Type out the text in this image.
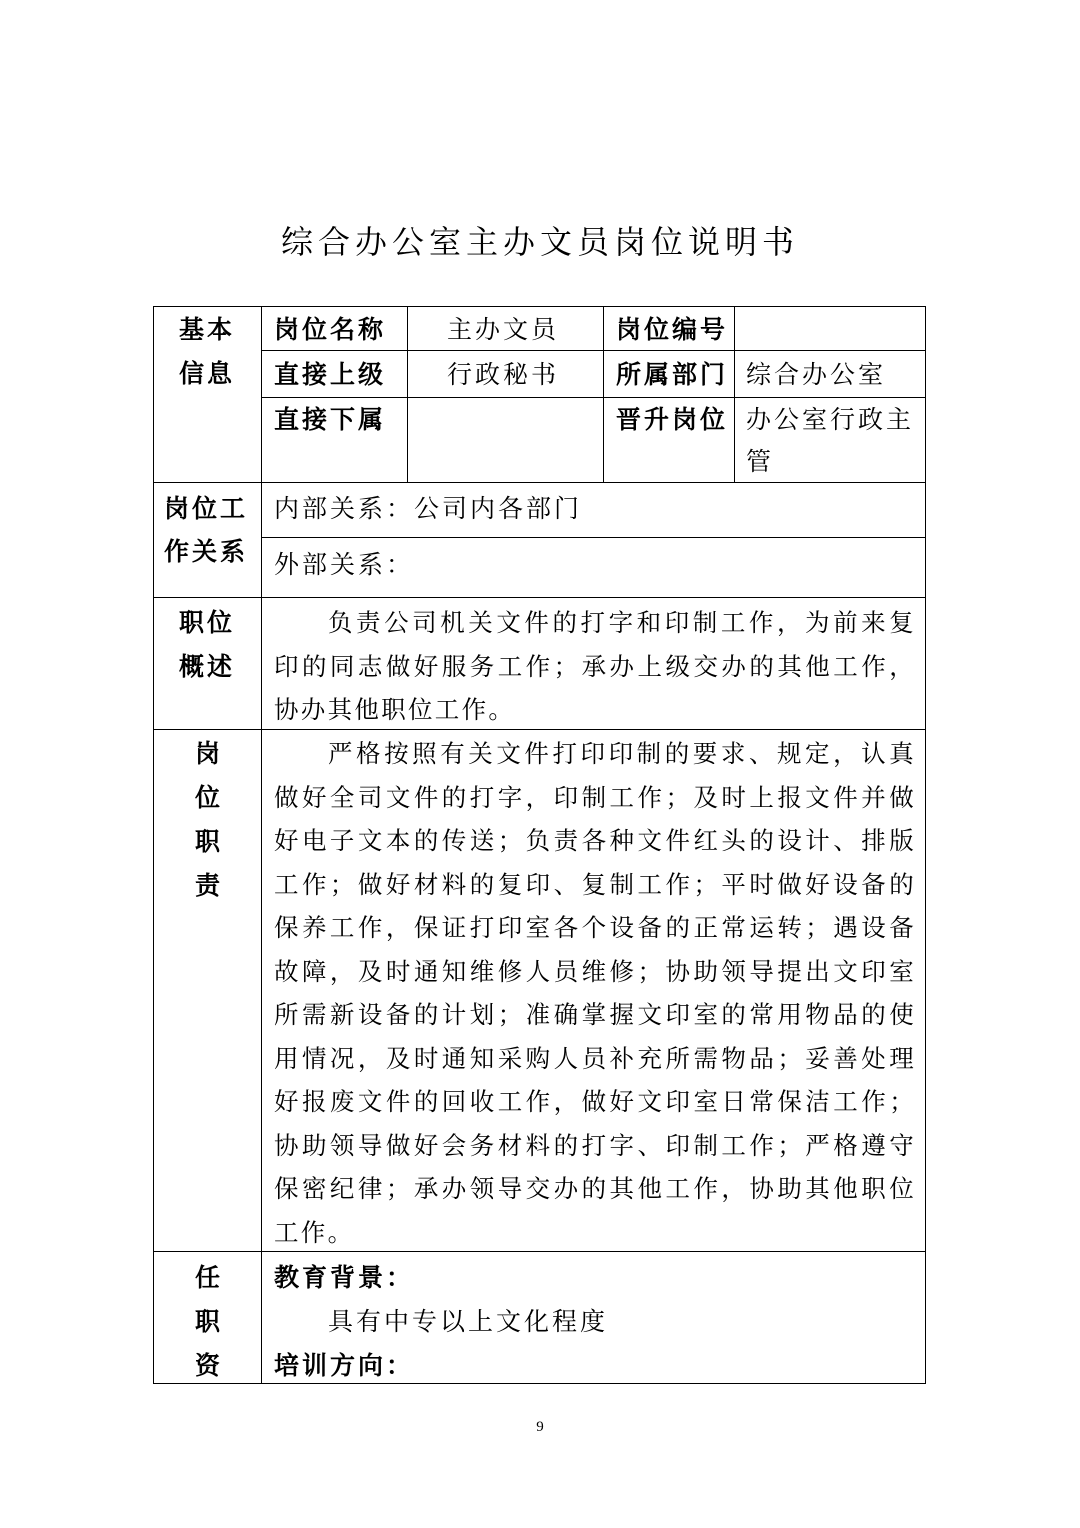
综合办公室主办文员岗位说明书
基本
信息
岗位名称 主办文员 岗位编号
直接上级 行政秘书 所属部门 综合办公室
直接下属	晋升岗位 办公室行政主
管
岗位工
作关系
内部关系：公司内各部门
外部关系：
职位
概述
负责公司机关文件的打字和印制工作，为前来复印的同志做好服务工作；承办上级交办的其他工作，协办其他职位工作。
岗
位
职
责
严格按照有关文件打印印制的要求、规定，认真做好全司文件的打字，印制工作；及时上报文件并做好电子文本的传送；负责各种文件红头的设计、排版工作；做好材料的复印、复制工作；平时做好设备的保养工作，保证打印室各个设备的正常运转；遇设备故障，及时通知维修人员维修；协助领导提出文印室所需新设备的计划；准确掌握文印室的常用物品的使用情况，及时通知采购人员补充所需物品；妥善处理好报废文件的回收工作，做好文印室日常保洁工作；协助领导做好会务材料的打字、印制工作；严格遵守保密纪律；承办领导交办的其他工作，协助其他职位工作。
任
职
资
教育背景：
具有中专以上文化程度
培训方向：
9
